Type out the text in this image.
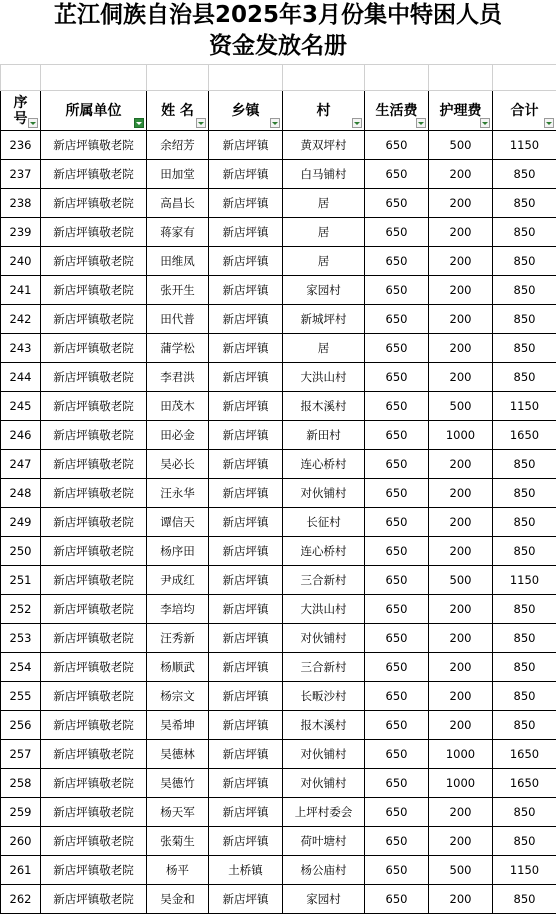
芷江侗族自治县2025年3月份集中特困人员
资金发放名册

序号	所属单位	姓 名	乡镇	村	生活费	护理费	合计

236	新店坪镇敬老院	余绍芳	新店坪镇	黄双坪村	650	500	1150
237	新店坪镇敬老院	田加堂	新店坪镇	白马铺村	650	200	850
238	新店坪镇敬老院	高昌长	新店坪镇	居	650	200	850
239	新店坪镇敬老院	蒋家有	新店坪镇	居	650	200	850
240	新店坪镇敬老院	田维凤	新店坪镇	居	650	200	850
241	新店坪镇敬老院	张开生	新店坪镇	家园村	650	200	850
242	新店坪镇敬老院	田代普	新店坪镇	新城坪村	650	200	850
243	新店坪镇敬老院	蒲学松	新店坪镇	居	650	200	850
244	新店坪镇敬老院	李君洪	新店坪镇	大洪山村	650	200	850
245	新店坪镇敬老院	田茂木	新店坪镇	报木溪村	650	500	1150
246	新店坪镇敬老院	田必金	新店坪镇	新田村	650	1000	1650
247	新店坪镇敬老院	吴必长	新店坪镇	连心桥村	650	200	850
248	新店坪镇敬老院	汪永华	新店坪镇	对伙铺村	650	200	850
249	新店坪镇敬老院	谭信天	新店坪镇	长征村	650	200	850
250	新店坪镇敬老院	杨序田	新店坪镇	连心桥村	650	200	850
251	新店坪镇敬老院	尹成红	新店坪镇	三合新村	650	500	1150
252	新店坪镇敬老院	李培均	新店坪镇	大洪山村	650	200	850
253	新店坪镇敬老院	汪秀新	新店坪镇	对伙铺村	650	200	850
254	新店坪镇敬老院	杨顺武	新店坪镇	三合新村	650	200	850
255	新店坪镇敬老院	杨宗文	新店坪镇	长畈沙村	650	200	850
256	新店坪镇敬老院	吴希坤	新店坪镇	报木溪村	650	200	850
257	新店坪镇敬老院	吴德林	新店坪镇	对伙铺村	650	1000	1650
258	新店坪镇敬老院	吴德竹	新店坪镇	对伙铺村	650	1000	1650
259	新店坪镇敬老院	杨天军	新店坪镇	上坪村委会	650	200	850
260	新店坪镇敬老院	张菊生	新店坪镇	荷叶塘村	650	200	850
261	新店坪镇敬老院	杨平	土桥镇	杨公庙村	650	500	1150
262	新店坪镇敬老院	吴金和	新店坪镇	家园村	650	200	850
